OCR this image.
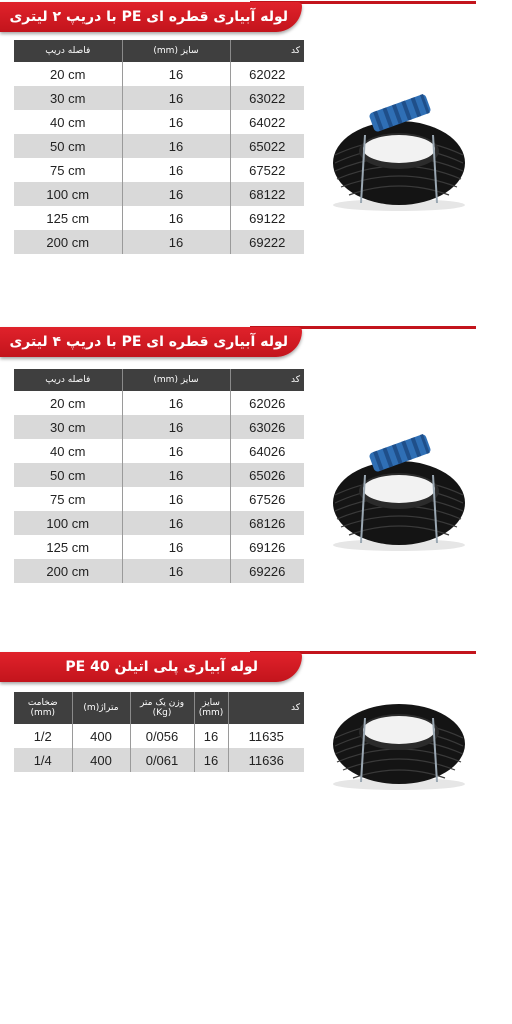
لوله آبیاری قطره ای PE با دریپ ۲ لیتری
فاصله دریپ	سایز (mm)	کد
20 cm	16	62022
30 cm	16	63022
40 cm	16	64022
50 cm	16	65022
75 cm	16	67522
100 cm	16	68122
125 cm	16	69122
200 cm	16	69222
لوله آبیاری قطره ای PE با دریپ ۴ لیتری
فاصله دریپ	سایز (mm)	کد
20 cm	16	62026
30 cm	16	63026
40 cm	16	64026
50 cm	16	65026
75 cm	16	67526
100 cm	16	68126
125 cm	16	69126
200 cm	16	69226
لوله آبیاری پلی اتیلن PE 40
ضخامت (mm)	متراژ(m)	وزن یک متر (Kg)	سایز (mm)	کد
1/2	400	0/056	16	11635
1/4	400	0/061	16	11636
